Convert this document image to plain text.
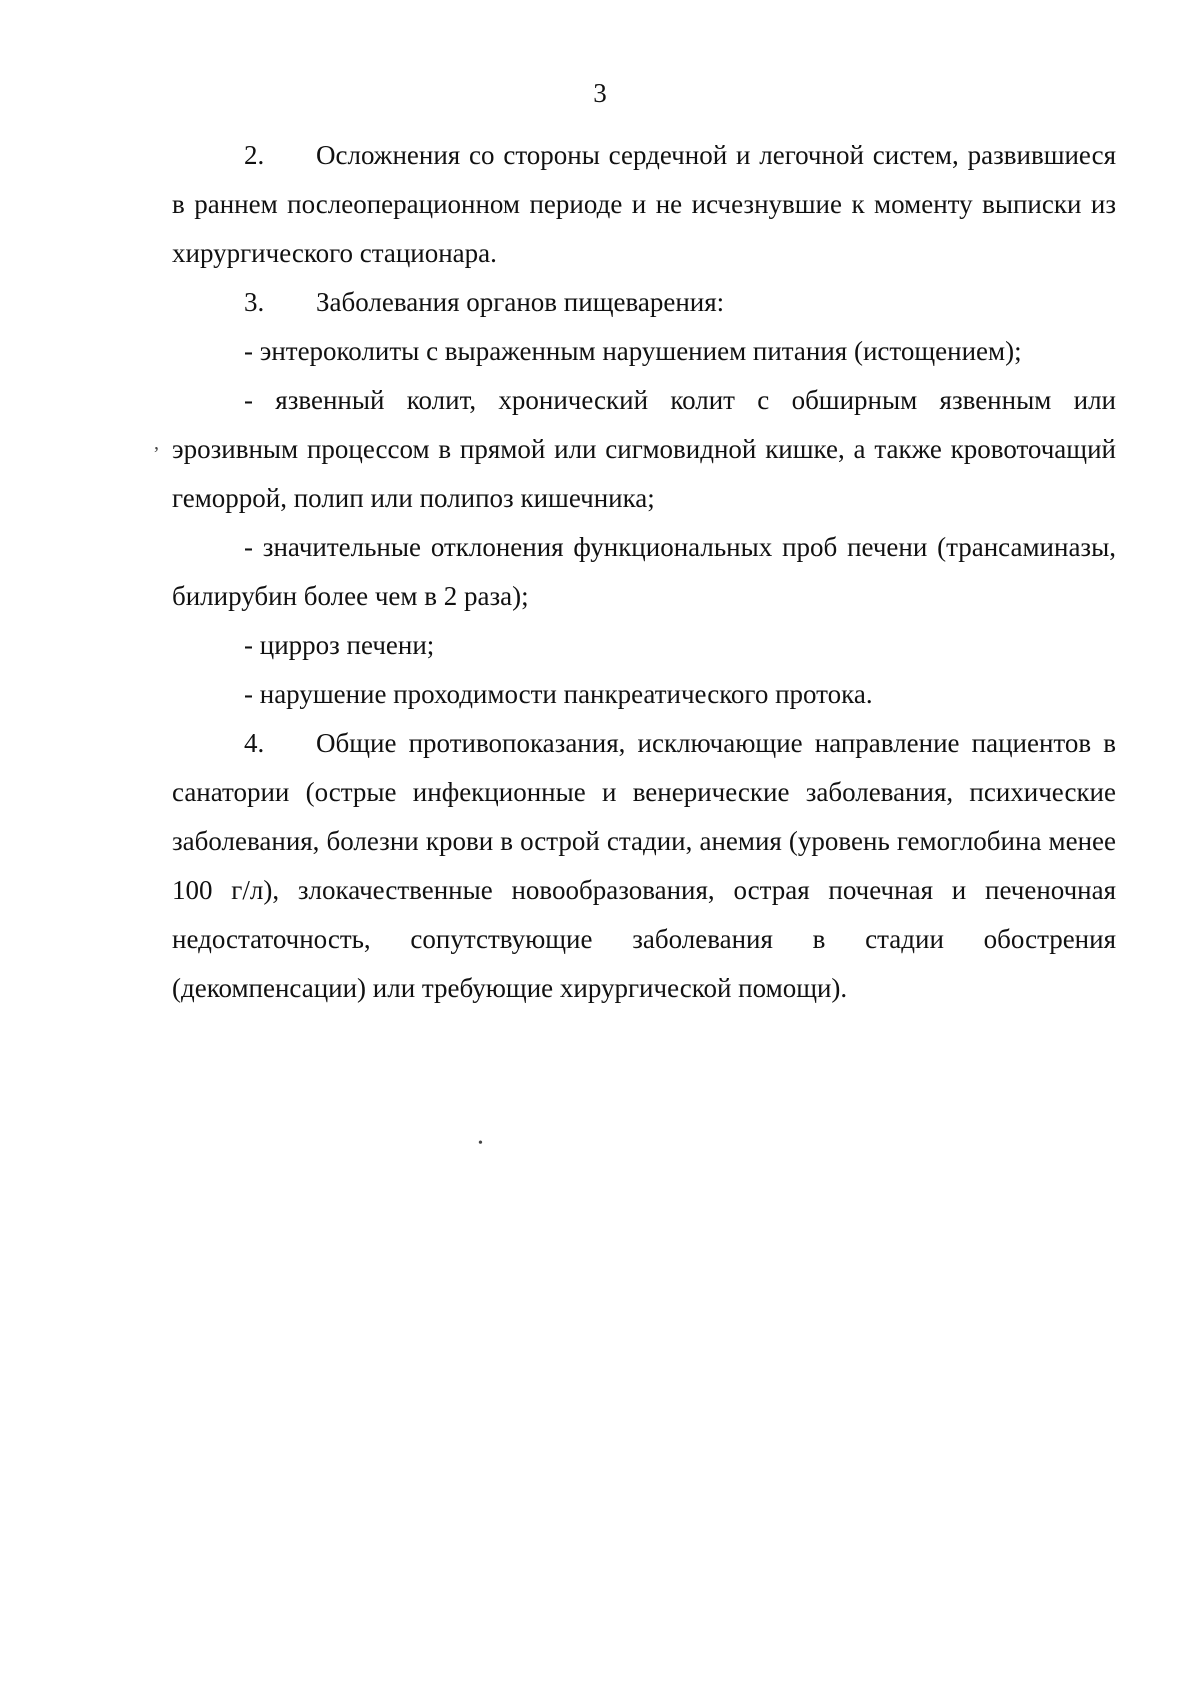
3

2. Осложнения со стороны сердечной и легочной систем, развившиеся в раннем послеоперационном периоде и не исчезнувшие к моменту выписки из хирургического стационара.

3. Заболевания органов пищеварения:

- энтероколиты с выраженным нарушением питания (истощением);

- язвенный колит, хронический колит с обширным язвенным или эрозивным процессом в прямой или сигмовидной кишке, а также кровоточащий геморрой, полип или полипоз кишечника;

- значительные отклонения функциональных проб печени (трансаминазы, билирубин более чем в 2 раза);

- цирроз печени;

- нарушение проходимости панкреатического протока.

4. Общие противопоказания, исключающие направление пациентов в санатории (острые инфекционные и венерические заболевания, психические заболевания, болезни крови в острой стадии, анемия (уровень гемоглобина менее 100 г/л), злокачественные новообразования, острая почечная и печеночная недостаточность, сопутствующие заболевания в стадии обострения (декомпенсации) или требующие хирургической помощи).

,
•
